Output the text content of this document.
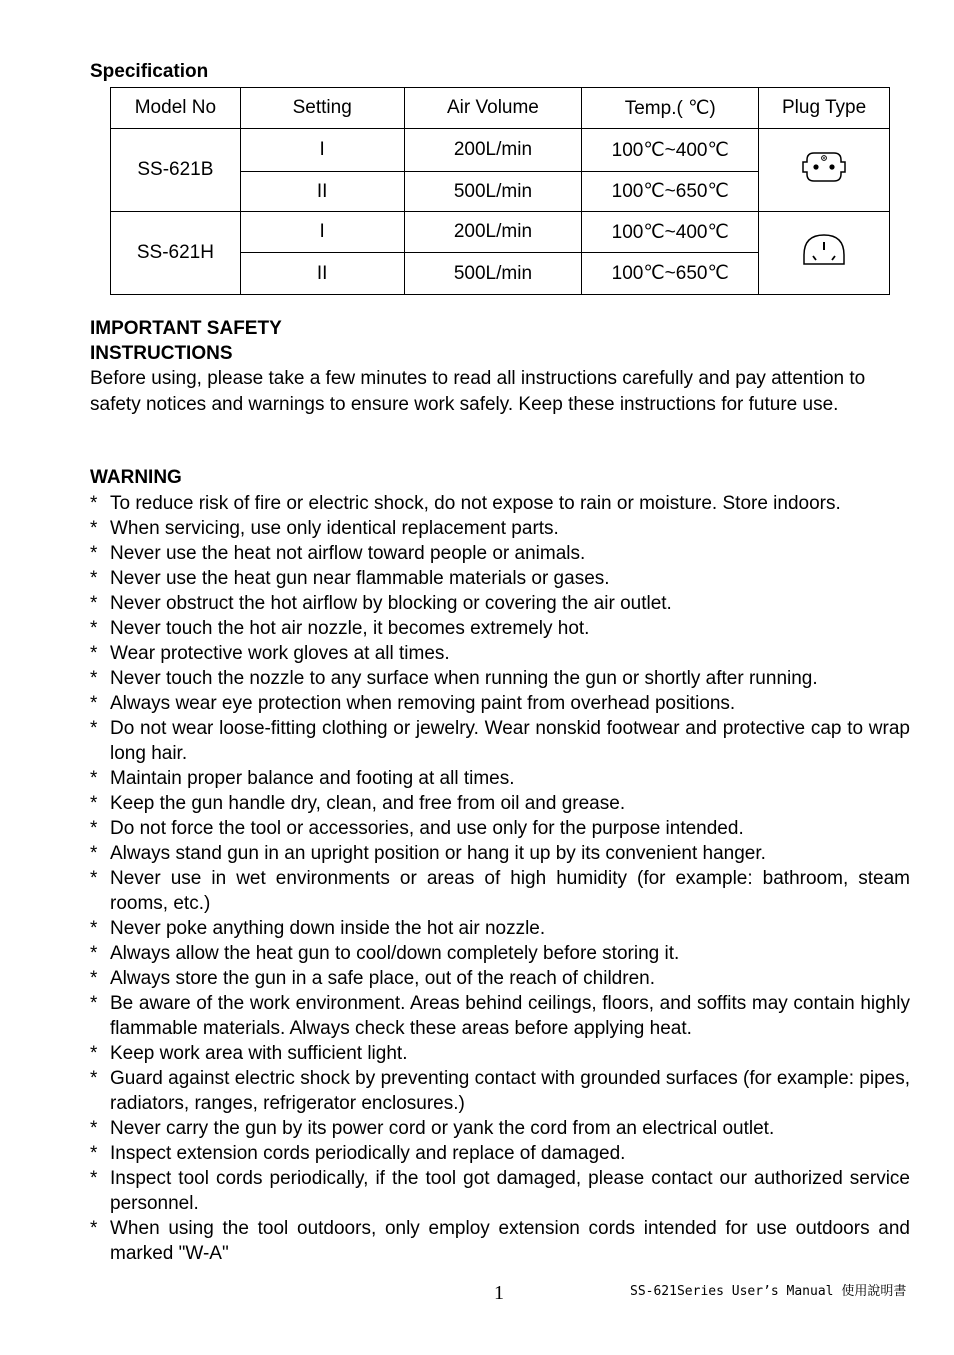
Specification
Model No	Setting	Air Volume	Temp.( ℃)	Plug Type
SS-621B	I	200L/min	100℃~400℃	
	II	500L/min	100℃~650℃	
SS-621H	I	200L/min	100℃~400℃	
	II	500L/min	100℃~650℃	
IMPORTANT SAFETY
INSTRUCTIONS
Before using, please take a few minutes to read all instructions carefully and pay attention to safety notices and warnings to ensure work safely. Keep these instructions for future use.
WARNING
* To reduce risk of fire or electric shock, do not expose to rain or moisture. Store indoors.
* When servicing, use only identical replacement parts.
* Never use the heat not airflow toward people or animals.
* Never use the heat gun near flammable materials or gases.
* Never obstruct the hot airflow by blocking or covering the air outlet.
* Never touch the hot air nozzle, it becomes extremely hot.
* Wear protective work gloves at all times.
* Never touch the nozzle to any surface when running the gun or shortly after running.
* Always wear eye protection when removing paint from overhead positions.
* Do not wear loose-fitting clothing or jewelry. Wear nonskid footwear and protective cap to wrap long hair.
* Maintain proper balance and footing at all times.
* Keep the gun handle dry, clean, and free from oil and grease.
* Do not force the tool or accessories, and use only for the purpose intended.
* Always stand gun in an upright position or hang it up by its convenient hanger.
* Never use in wet environments or areas of high humidity (for example: bathroom, steam rooms, etc.)
* Never poke anything down inside the hot air nozzle.
* Always allow the heat gun to cool/down completely before storing it.
* Always store the gun in a safe place, out of the reach of children.
* Be aware of the work environment. Areas behind ceilings, floors, and soffits may contain highly flammable materials. Always check these areas before applying heat.
* Keep work area with sufficient light.
* Guard against electric shock by preventing contact with grounded surfaces (for example: pipes, radiators, ranges, refrigerator enclosures.)
* Never carry the gun by its power cord or yank the cord from an electrical outlet.
* Inspect extension cords periodically and replace of damaged.
* Inspect tool cords periodically, if the tool got damaged, please contact our authorized service personnel.
* When using the tool outdoors, only employ extension cords intended for use outdoors and marked "W-A"
1	SS-621Series User’s Manual 使用說明書
